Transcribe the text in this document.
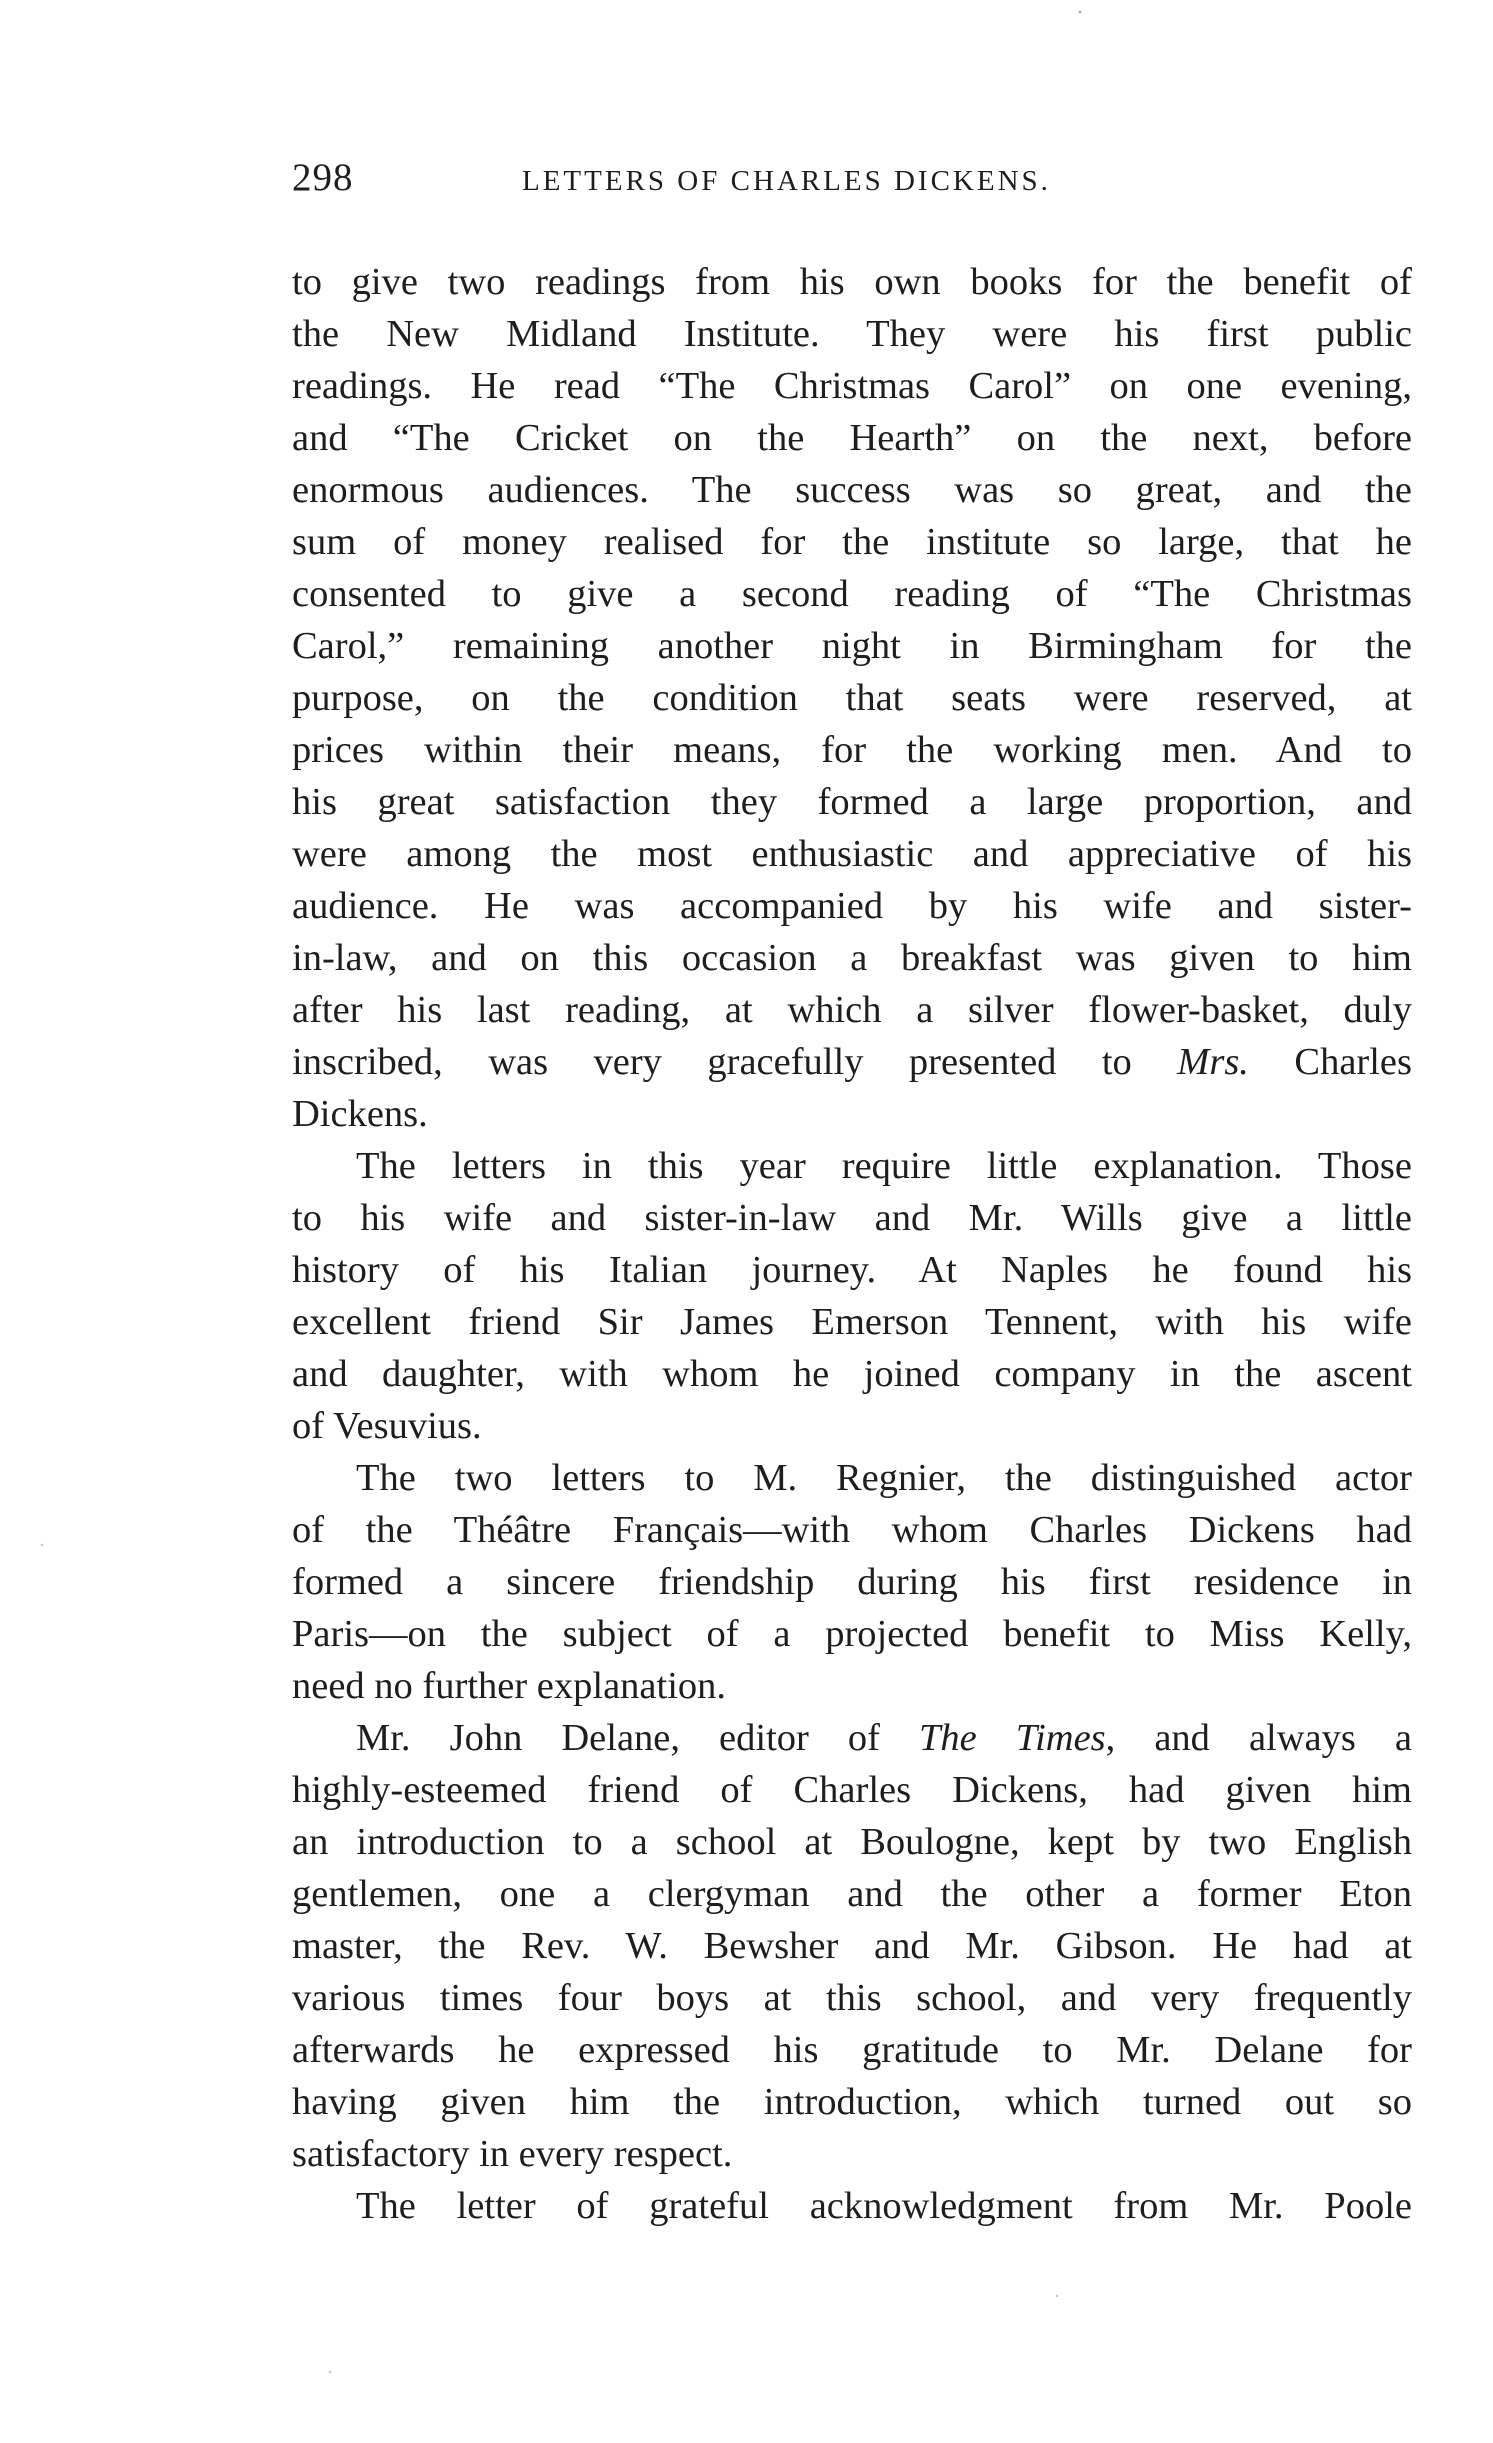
298	LETTERS OF CHARLES DICKENS.
to give two readings from his own books for the benefit of
the New Midland Institute. They were his first public
readings. He read “The Christmas Carol” on one evening,
and “The Cricket on the Hearth” on the next, before
enormous audiences. The success was so great, and the
sum of money realised for the institute so large, that he
consented to give a second reading of “The Christmas
Carol,” remaining another night in Birmingham for the
purpose, on the condition that seats were reserved, at
prices within their means, for the working men. And to
his great satisfaction they formed a large proportion, and
were among the most enthusiastic and appreciative of his
audience. He was accompanied by his wife and sister-
in-law, and on this occasion a breakfast was given to him
after his last reading, at which a silver flower-basket, duly
inscribed, was very gracefully presented to Mrs. Charles
Dickens.
The letters in this year require little explanation. Those
to his wife and sister-in-law and Mr. Wills give a little
history of his Italian journey. At Naples he found his
excellent friend Sir James Emerson Tennent, with his wife
and daughter, with whom he joined company in the ascent
of Vesuvius.
The two letters to M. Regnier, the distinguished actor
of the Théâtre Français—with whom Charles Dickens had
formed a sincere friendship during his first residence in
Paris—on the subject of a projected benefit to Miss Kelly,
need no further explanation.
Mr. John Delane, editor of The Times, and always a
highly-esteemed friend of Charles Dickens, had given him
an introduction to a school at Boulogne, kept by two English
gentlemen, one a clergyman and the other a former Eton
master, the Rev. W. Bewsher and Mr. Gibson. He had at
various times four boys at this school, and very frequently
afterwards he expressed his gratitude to Mr. Delane for
having given him the introduction, which turned out so
satisfactory in every respect.
The letter of grateful acknowledgment from Mr. Poole
